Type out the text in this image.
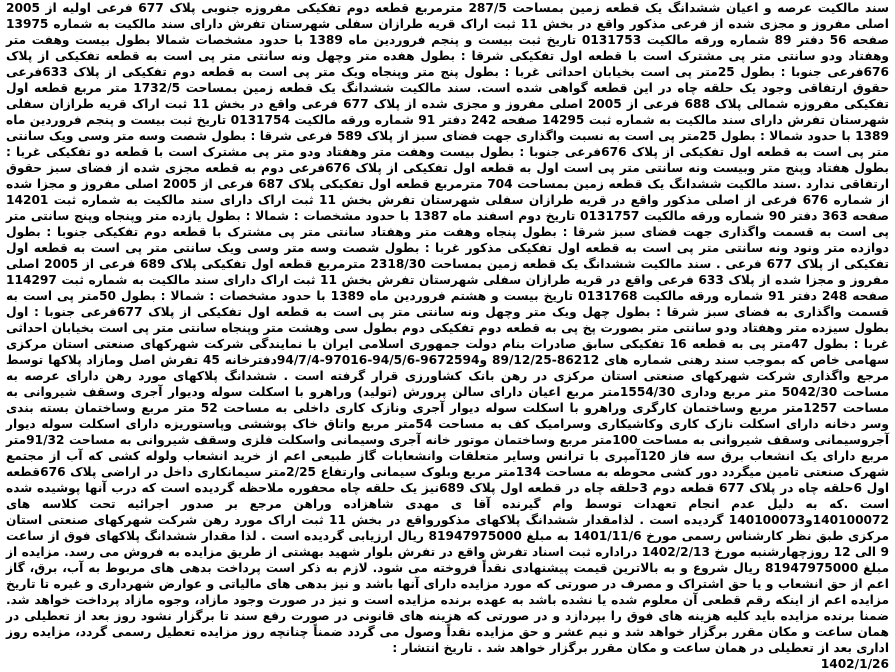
سند مالکیت عرصه و اعیان ششدانگ یک قطعه زمین بمساحت 287/5 مترمربع قطعه دوم تفکیکی مفروزه جنوبی پلاک 677 فرعی اولیه از 2005 اصلی مفروز و مجزی شده از فرعی مذکور واقع در بخش 11 ثبت اراک قریه طرازان سفلی شهرستان تفرش دارای سند مالکیت به شماره 13975 صفحه 56 دفتر 89 شماره ورقه مالکیت 0131753 تاریخ ثبت بیست و پنجم فروردین ماه 1389 با حدود مشخصات شمالا بطول بیست وهفت متر وهفتاد ودو سانتی متر پی مشترک است با قطعه اول تفکیکی شرقا : بطول هفده متر وچهل ونه سانتی متر پی است به قطعه تفکیکی از پلاک 676فرعی جنوبا : بطول 25متر پی است بخیابان احداثی غربا : بطول پنج متر وپنجاه ویک متر پی است به قطعه دوم تفکیکی از پلاک 633فرعی حقوق ارتفاقی وجود یک حلقه چاه در این قطعه گواهی شده است. سند مالکیت ششدانگ یک قطعه زمین بمساحت 1732/5 متر مربع قطعه اول تفکیکی مفروزه شمالی پلاک 688 فرعی از 2005 اصلی مفروز و مجزی شده از پلاک 677 فرعی واقع در بخش 11 ثبت اراک قریه طرازان سفلی شهرستان تفرش دارای سند مالکیت به شماره ثبت 14295 صفحه 242 دفتر 91 شماره ورقه مالکیت 0131754 تاریخ ثبت بیست و پنجم فروردین ماه 1389 با حدود شمالا : بطول 25متر پی است به نسبت واگذاری جهت فضای سبز از پلاک 589 فرعی شرقا : بطول شصت وسه متر وسی ویک سانتی متر پی است به قطعه اول تفکیکی از پلاک 676فرعی جنوبا : بطول بیست وهفت متر وهفتاد ودو متر پی مشترک است با قطعه دو تفکیکی غربا : بطول هفتاد وپنج متر وبیست ونه سانتی متر پی است اول به قطعه اول تفکیکی از پلاک 676فرعی دوم به قطعه مجزی شده از فضای سبز حقوق ارتفاقی ندارد .سند مالکیت ششدانگ یک قطعه زمین بمساحت 704 مترمربع قطعه اول تفکیکی پلاک 687 فرعی از 2005 اصلی مفروز و مجزا شده از شماره 676 فرعی از اصلی مذکور واقع در قریه طرازان سفلی شهرستان تفرش بخش 11 ثبت اراک دارای سند مالکیت به شماره ثبت 14201 صفحه 363 دفتر 90 شماره ورقه مالکیت 0131757 تاریخ دوم اسفند ماه 1387 با حدود مشخصات : شمالا : بطول یازده متر وپنجاه وپنج سانتی متر پی است به قسمت واگذاری جهت فضای سبز شرقا : بطول پنجاه وهفت متر وهفتاد سانتی متر پی مشترک با قطعه دوم تفکیکی جنوبا : بطول دوازده متر ونود ونه سانتی متر پی است به قطعه اول تفکیکی مذکور غربا : بطول شصت وسه متر وسی ویک سانتی متر پی است به قطعه اول تفکیکی از پلاک 677 فرعی . سند مالکیت ششدانگ یک قطعه زمین بمساحت 2318/30 مترمربع قطعه اول تفکیکی پلاک 689 فرعی از 2005 اصلی مفروز و مجزا شده از پلاک 633 فرعی واقع در قریه طرازان سفلی شهرستان تفرش بخش 11 ثبت اراک دارای سند مالکیت به شماره ثبت 114297 صفحه 248 دفتر 91 شماره ورقه مالکیت 0131768 تاریخ بیست و هشتم فروردین ماه 1389 با حدود مشخصات : شمالا : بطول 50متر پی است به قسمت واگذاری به فضای سبز شرقا : بطول چهل ویک متر وچهل ونه سانتی متر پی است به قطعه اول تفکیکی از پلاک 677فرعی جنوبا : اول بطول سیزده متر وهفتاد ودو سانتی متر بصورت پخ پی به قطعه دوم تفکیکی دوم بطول سی وهشت متر وپنجاه سانتی متر پی است بخیابان احداثی غربا : بطول 47متر پی به قطعه 16 تفکیکی سابق صادرات بنام دولت جمهوری اسلامی ایران با نمایندگی شرکت شهرکهای صنعتی استان مرکزی سهامی خاص که بموجب سند رهنی شماره های 86212-89/12/25 و9672594-94/5/6-97016-94/7/4دفترخانه 45 تفرش اصل ومازاد پلاکها توسط مرجع واگذاری شرکت شهرکهای صنعتی استان مرکزی در رهن بانک کشاورزی قرار گرفته است . ششدانگ پلاکهای مورد رهن دارای عرصه به مساحت 5042/30 متر مربع وداری 1554/30متر مربع اعیان دارای سالن پرورش (تولید) وراهرو با اسکلت سوله ودیوار آجری وسقف شیروانی به مساحت 1257متر مربع وساختمان کارگری وراهرو با اسکلت سوله دیوار آجری ونازک کاری داخلی به مساحت 52 متر مربع وساختمان بسته بندی وسر دخانه دارای اسکلت نازک کاری وکاشیکاری وسرامیک کف به مساحت 54متر مربع واتاق خاک پوششی وپاستوریزه دارای اسکلت سوله دیوار آجروسیمانی وسقف شیروانی به مساحت 100متر مربع وساختمان موتور خانه آجری وسیمانی واسکلت فلزی وسقف شیروانی به مساحت 91/32متر مربع دارای یک انشعاب برق سه فاز 120آمپری با ترانس وسایر متعلقات وانشعابات گاز طبیعی اعم از خرید انشعاب ولوله کشی که آب از مجتمع شهرک صنعتی تامین میگردد دور کشی محوطه به مساحت 134متر مربع وبلوک سیمانی وارتفاع 2/25متر سیمانکاری داخل در اراضی پلاک 676قطعه اول 6حلقه چاه در پلاک 677 قطعه دوم 3حلقه چاه در قطعه اول پلاک 689نیز یک حلقه چاه محفوره ملاحظه گردیده است که درب آنها پوشیده شده است .که به دلیل عدم انجام تعهدات توسط وام گیرنده آقا ی مهدی شاهزاده وراهن مرجع بر صدور اجرائیه تحت کلاسه های 140100072و140100073 گردیده است . لذامقدار ششدانگ پلاکهای مذکورواقع در بخش 11 ثبت اراک مورد رهن شرکت شهرکهای صنعتی استان مرکزی طبق نظر کارشناس رسمی مورخ 1401/11/6 به مبلغ 81947975000 ریال ارزیابی گردیده است . لذا مقدار ششدانگ پلاکهای فوق از ساعت 9 الی 12 روزچهارشنبه مورخ 1402/2/13 دراداره ثبت اسناد تفرش واقع در تفرش بلوار شهید بهشتی از طریق مزایده به فروش می رسد. مزایده از مبلغ 81947975000 ریال شروع و به بالاترین قیمت پیشنهادی نقداً فروخته می شود. لازم به ذکر است پرداخت بدهی های مربوط به آب، برق، گاز اعم از حق انشعاب و یا حق اشتراک و مصرف در صورتی که مورد مزایده دارای آنها باشد و نیز بدهی های مالیاتی و عوارض شهرداری و غیره تا تاریخ مزایده اعم از اینکه رقم قطعی آن معلوم شده یا نشده باشد به عهده برنده مزایده است و نیز در صورت وجود مازاد، وجوه مازاد پرداخت خواهد شد. ضمنا برنده مزایده باید کلیه هزینه های فوق را بپردازد و در صورتی که هزینه های قانونی در صورت رفع سند تا برگزار نشود روز بعد از تعطیلی در همان ساعت و مکان مقرر برگزار خواهد شد و نیم عشر و حق مزایده نقداً وصول می گردد ضمناً چنانچه روز مزایده تعطیل رسمی گردد، مزایده روز اداری بعد از تعطیلی در همان ساعت و مکان مقرر برگزار خواهد شد . تاریخ انتشار :

1402/1/26
